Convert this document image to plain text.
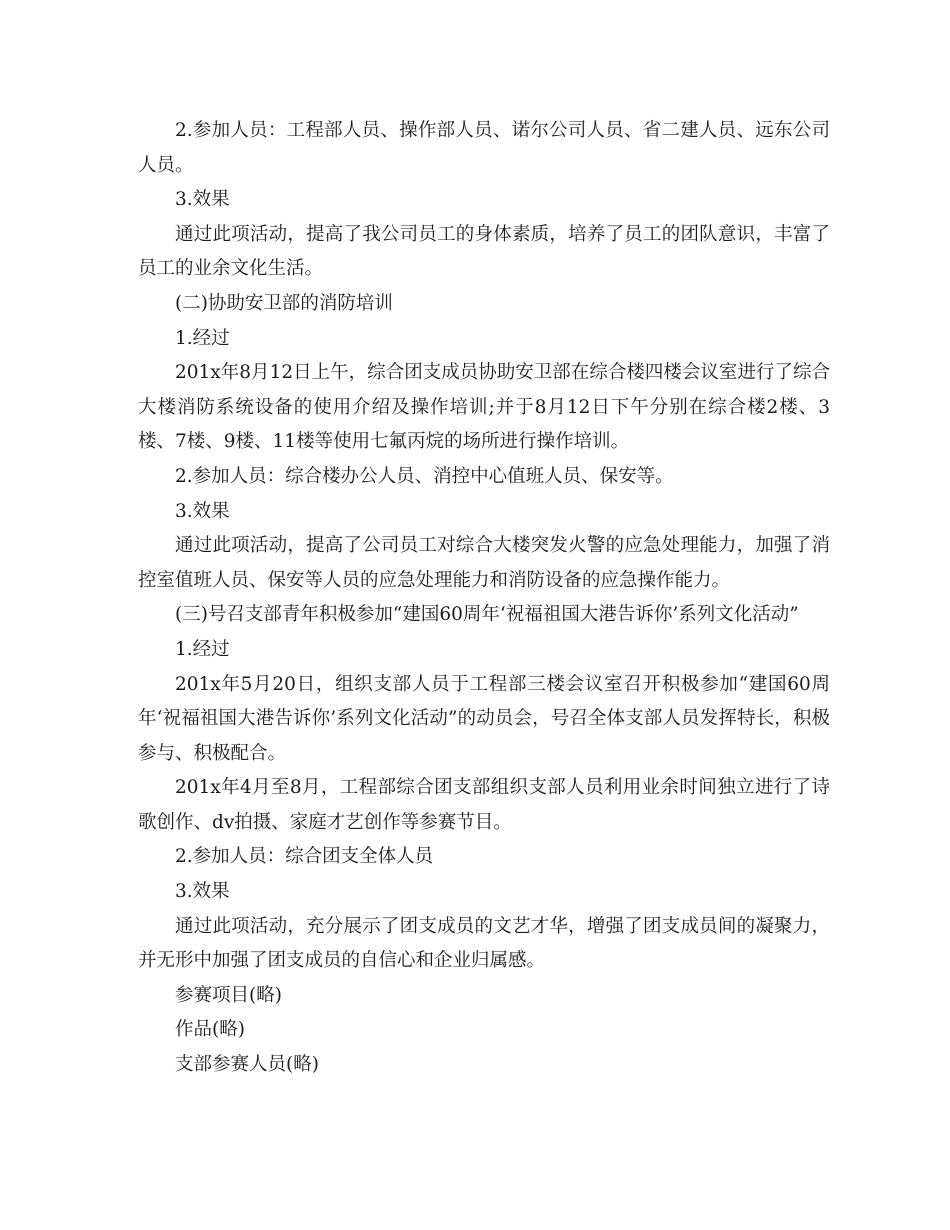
2.参加人员：工程部人员、操作部人员、诺尔公司人员、省二建人员、远东公司人员。

3.效果

通过此项活动，提高了我公司员工的身体素质，培养了员工的团队意识，丰富了员工的业余文化生活。

(二)协助安卫部的消防培训

1.经过

201x年8月12日上午，综合团支成员协助安卫部在综合楼四楼会议室进行了综合大楼消防系统设备的使用介绍及操作培训;并于8月12日下午分别在综合楼2楼、3楼、7楼、9楼、11楼等使用七氟丙烷的场所进行操作培训。

2.参加人员：综合楼办公人员、消控中心值班人员、保安等。

3.效果

通过此项活动，提高了公司员工对综合大楼突发火警的应急处理能力，加强了消控室值班人员、保安等人员的应急处理能力和消防设备的应急操作能力。

(三)号召支部青年积极参加“建国60周年‘祝福祖国大港告诉你’系列文化活动”

1.经过

201x年5月20日，组织支部人员于工程部三楼会议室召开积极参加“建国60周年‘祝福祖国大港告诉你’系列文化活动”的动员会，号召全体支部人员发挥特长，积极参与、积极配合。

201x年4月至8月，工程部综合团支部组织支部人员利用业余时间独立进行了诗歌创作、dv拍摄、家庭才艺创作等参赛节目。

2.参加人员：综合团支全体人员

3.效果

通过此项活动，充分展示了团支成员的文艺才华，增强了团支成员间的凝聚力，并无形中加强了团支成员的自信心和企业归属感。

参赛项目(略)

作品(略)

支部参赛人员(略)
